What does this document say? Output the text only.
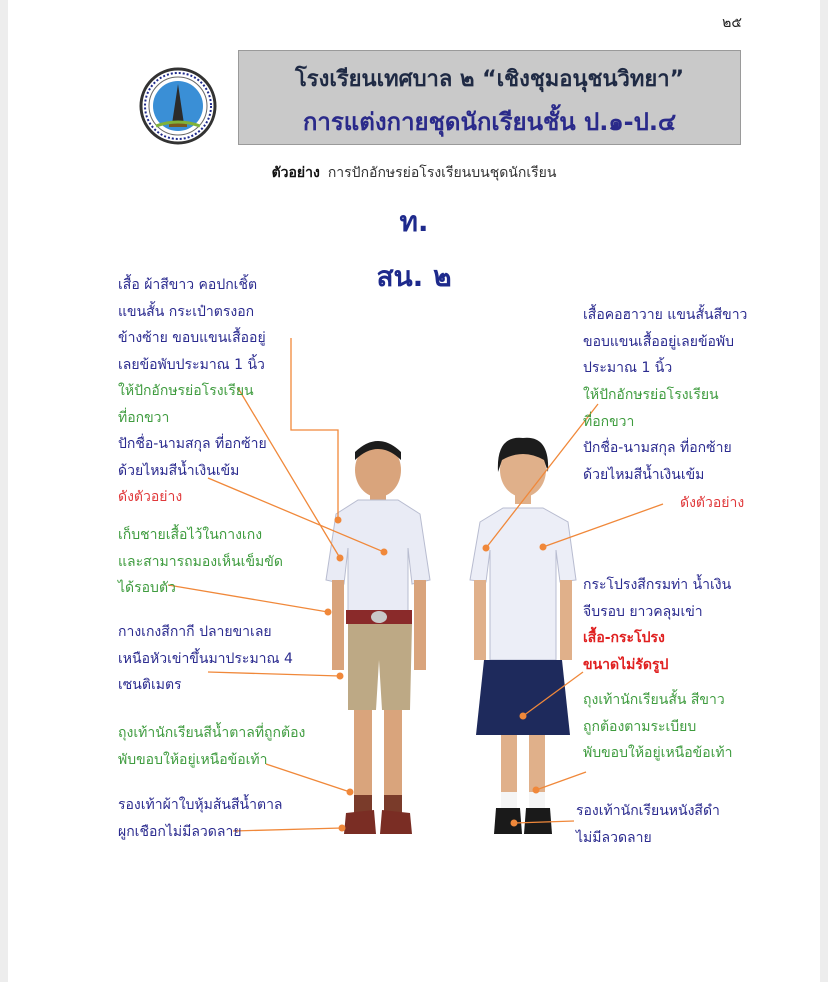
๒๕
โรงเรียนเทศบาล ๒ “เชิงชุมอนุชนวิทยา”
การแต่งกายชุดนักเรียนชั้น ป.๑-ป.๔
ตัวอย่าง การปักอักษรย่อโรงเรียนบนชุดนักเรียน
ท.
สน. ๒
เสื้อ ผ้าสีขาว คอปกเชิ้ต
แขนสั้น กระเป๋าตรงอก
ข้างซ้าย ขอบแขนเสื้ออยู่
เลยข้อพับประมาณ 1 นิ้ว
ให้ปักอักษรย่อโรงเรียน
ที่อกขวา
ปักชื่อ-นามสกุล ที่อกซ้าย
ด้วยไหมสีน้ำเงินเข้ม
ดังตัวอย่าง
เก็บชายเสื้อไว้ในกางเกง
และสามารถมองเห็นเข็มขัด
ได้รอบตัว
กางเกงสีกากี ปลายขาเลย
เหนือหัวเข่าขึ้นมาประมาณ 4
เซนติเมตร
ถุงเท้านักเรียนสีน้ำตาลที่ถูกต้อง
พับขอบให้อยู่เหนือข้อเท้า
รองเท้าผ้าใบหุ้มส้นสีน้ำตาล
ผูกเชือกไม่มีลวดลาย
เสื้อคอฮาวาย แขนสั้นสีขาว
ขอบแขนเสื้ออยู่เลยข้อพับ
ประมาณ 1 นิ้ว
ให้ปักอักษรย่อโรงเรียน
ที่อกขวา
ปักชื่อ-นามสกุล ที่อกซ้าย
ด้วยไหมสีน้ำเงินเข้ม
ดังตัวอย่าง
กระโปรงสีกรมท่า น้ำเงิน
จีบรอบ ยาวคลุมเข่า
เสื้อ-กระโปรง
ขนาดไม่รัดรูป
ถุงเท้านักเรียนสั้น สีขาว
ถูกต้องตามระเบียบ
พับขอบให้อยู่เหนือข้อเท้า
รองเท้านักเรียนหนังสีดำ
ไม่มีลวดลาย
